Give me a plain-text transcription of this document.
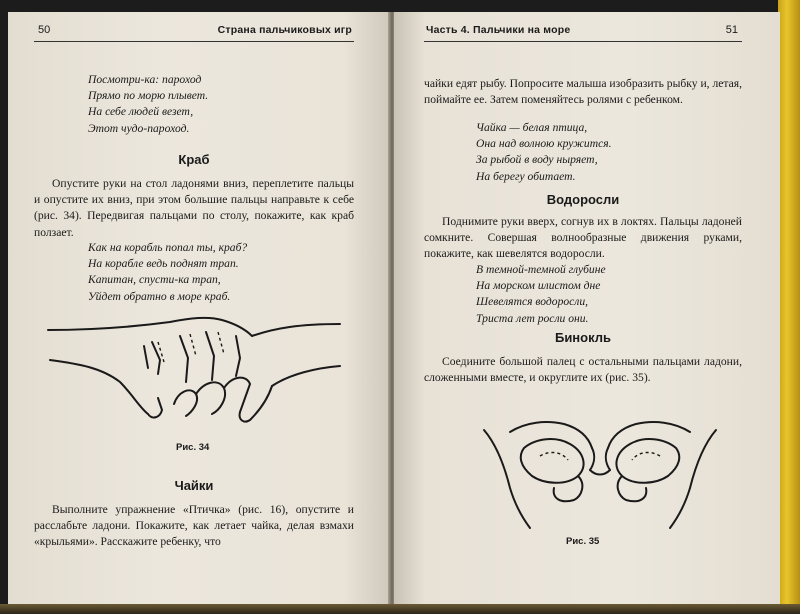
50	Страна пальчиковых игр
Посмотри-ка: пароход
Прямо по морю плывет.
На себе людей везет,
Этот чудо-пароход.
Краб

Опустите руки на стол ладонями вниз, переплетите пальцы и опустите их вниз, при этом большие пальцы направьте к себе (рис. 34). Передвигая пальцами по столу, покажите, как краб ползает.

Как на корабль попал ты, краб?
На корабле ведь поднят трап.
Капитан, спусти-ка трап,
Уйдет обратно в море краб.
Рис. 34
Чайки

Выполните упражнение «Птичка» (рис. 16), опустите и расслабьте ладони. Покажите, как летает чайка, делая взмахи «крыльями». Расскажите ребенку, что

Часть 4. Пальчики на море	51

чайки едят рыбу. Попросите малыша изобразить рыбку и, летая, поймайте ее. Затем поменяйтесь ролями с ребенком.

Чайка — белая птица,
Она над волною кружится.
За рыбой в воду ныряет,
На берегу обитает.
Водоросли

Поднимите руки вверх, согнув их в локтях. Пальцы ладоней сомкните. Совершая волнообразные движения руками, покажите, как шевелятся водоросли.

В темной-темной глубине
На морском илистом дне
Шевелятся водоросли,
Триста лет росли они.
Бинокль

Соедините большой палец с остальными пальцами ладони, сложенными вместе, и округлите их (рис. 35).

Рис. 35
